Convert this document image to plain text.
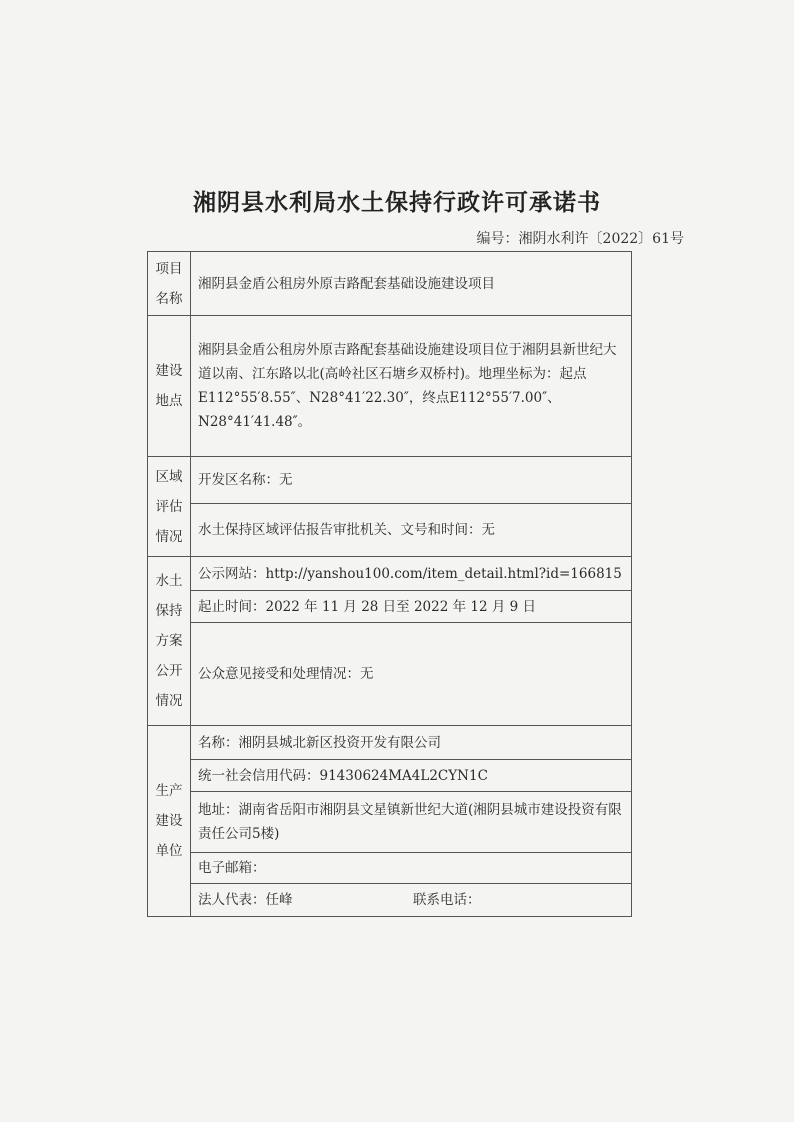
湘阴县水利局水土保持行政许可承诺书
编号：湘阴水利许〔2022〕61号
项目
名称	湘阴县金盾公租房外原吉路配套基础设施建设项目

建设
地点	湘阴县金盾公租房外原吉路配套基础设施建设项目位于湘阴县新世纪大道以南、江东路以北(高岭社区石塘乡双桥村)。地理坐标为：起点E112°55′8.55″、N28°41′22.30″，终点E112°55′7.00″、N28°41′41.48″。

区域
评估
情况	开发区名称：无
	水土保持区域评估报告审批机关、文号和时间：无

水土
保持
方案
公开
情况	公示网站：http://yanshou100.com/item_detail.html?id=166815
	起止时间：2022 年 11 月 28 日至 2022 年 12 月 9 日
	公众意见接受和处理情况：无

生产
建设
单位	名称：湘阴县城北新区投资开发有限公司
	统一社会信用代码：91430624MA4L2CYN1C
	地址：湖南省岳阳市湘阴县文星镇新世纪大道(湘阴县城市建设投资有限责任公司5楼)
	电子邮箱：

	法人代表：任峰 联系电话：
